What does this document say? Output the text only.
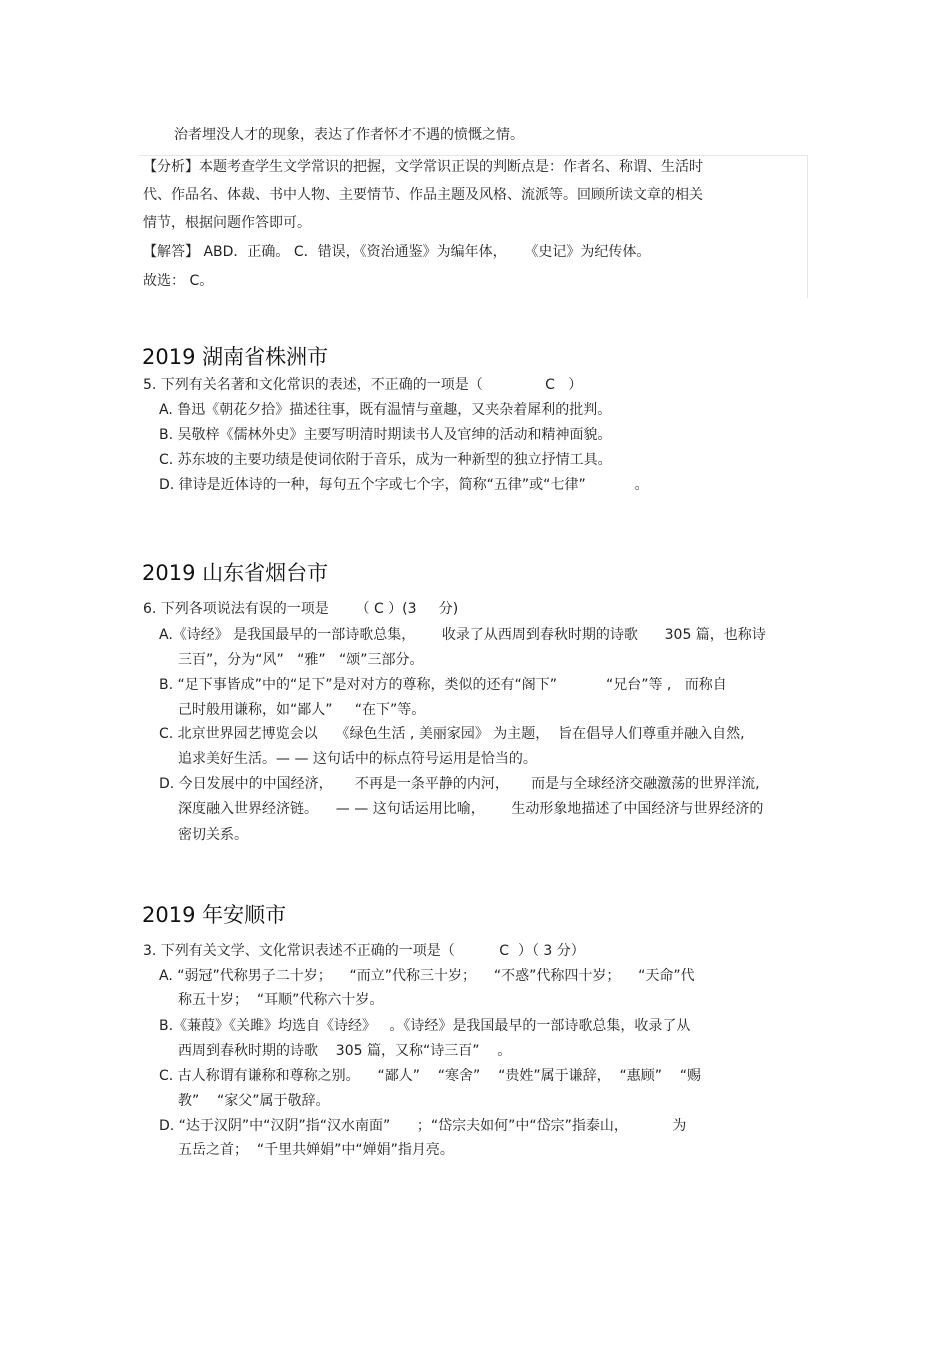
治者埋没人才的现象，表达了作者怀才不遇的愤慨之情。
【分析】本题考查学生文学常识的把握，文学常识正误的判断点是：作者名、称谓、生活时
代、作品名、体裁、书中人物、主要情节、作品主题及风格、流派等。回顾所读文章的相关
情节，根据问题作答即可。
【解答】 ABD．正确。 C．错误，《资治通鉴》为编年体，    《史记》为纪传体。
故选： C。
2019 湖南省株洲市
5. 下列有关名著和文化常识的表述，不正确的一项是（              C   ）
A. 鲁迅《朝花夕拾》描述往事，既有温情与童趣，又夹杂着犀利的批判。
B. 吴敬梓《儒林外史》主要写明清时期读书人及官绅的活动和精神面貌。
C. 苏东坡的主要功绩是使词依附于音乐，成为一种新型的独立抒情工具。
D. 律诗是近体诗的一种，每句五个字或七个字，简称“五律”或“七律”           。
2019 山东省烟台市
6. 下列各项说法有误的一项是      （ C ）(3     分)
A.《诗经》 是我国最早的一部诗歌总集，      收录了从西周到春秋时期的诗歌      305 篇，也称诗
三百”，分为“风”   “雅”   “颂”三部分。
B. “足下事皆成”中的“足下”是对对方的尊称，类似的还有“阁下”           “兄台”等 ,   而称自
己时般用谦称，如“鄙人”     “在下”等。
C. 北京世界园艺博览会以    《绿色生活 , 美丽家园》 为主题，  旨在倡导人们尊重并融入自然,
追求美好生活。— — 这句话中的标点符号运用是恰当的。
D. 今日发展中的中国经济，     不再是一条平静的内河，     而是与全球经济交融激荡的世界洋流,
深度融入世界经济链。    — — 这句话运用比喻，      生动形象地描述了中国经济与世界经济的
密切关系。
2019 年安顺市
3. 下列有关文学、文化常识表述不正确的一项是（          C  ）（ 3 分）
A. “弱冠”代称男子二十岁；    “而立”代称三十岁；    “不惑”代称四十岁；    “天命”代
称五十岁；  “耳顺”代称六十岁。
B.《蒹葭》《关雎》均选自《诗经》   。《诗经》是我国最早的一部诗歌总集，收录了从
西周到春秋时期的诗歌    305 篇，又称“诗三百”    。
C. 古人称谓有谦称和尊称之别。    “鄙人”    “寒舍”    “贵姓”属于谦辞，  “惠顾”    “赐
教”    “家父”属于敬辞。
D. “达于汉阴”中“汉阴”指“汉水南面”      ；“岱宗夫如何”中“岱宗”指泰山，          为
五岳之首；  “千里共婵娟”中“婵娟”指月亮。
